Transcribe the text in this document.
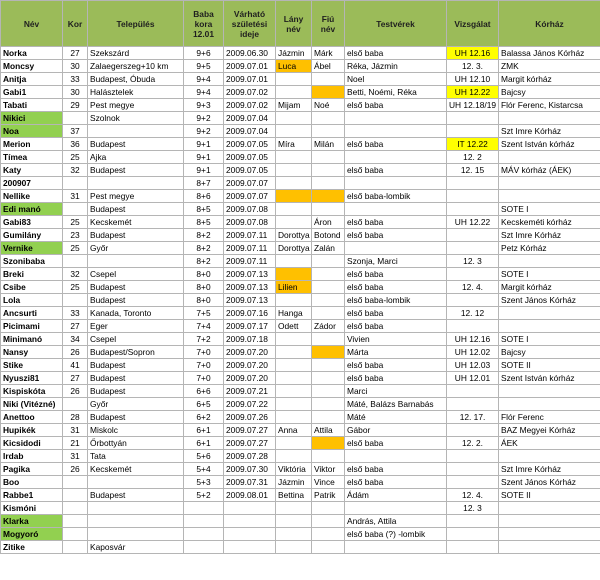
Név	Kor	Település	Baba kora 12.01	Várható születési ideje	Lány név	Fiú név	Testvérek	Vizsgálat	Kórház
Norka	27	Szekszárd	9+6	2009.06.30	Jázmin	Márk	első baba	UH 12.16	Balassa János Kórház
Moncsy	30	Zalaegerszeg+10 km	9+5	2009.07.01	Luca	Ábel	Réka, Jázmin	12. 3.	ZMK
Anitja	33	Budapest, Óbuda	9+4	2009.07.01			Noel	UH 12.10	Margit kórház
Gabi1	30	Halásztelek	9+4	2009.07.02			Betti, Noémi, Réka	UH 12.22	Bajcsy
Tabati	29	Pest megye	9+3	2009.07.02	Mijam	Noé	első baba	UH 12.18/19	Flór Ferenc, Kistarcsa
Nikici		Szolnok	9+2	2009.07.04					
Noa	37		9+2	2009.07.04					Szt Imre Kórház
Merion	36	Budapest	9+1	2009.07.05	Míra	Milán	első baba	IT 12.22	Szent István kórház
Tímea	25	Ajka	9+1	2009.07.05				12. 2	
Katy	32	Budapest	9+1	2009.07.05			első baba	12. 15	MÁV kórház (ÁEK)
200907			8+7	2009.07.07					
Nellike	31	Pest megye	8+6	2009.07.07			első baba-lombik		
Edi manó		Budapest	8+5	2009.07.08					SOTE I
Gabi83	25	Kecskemét	8+5	2009.07.08		Áron	első baba	UH 12.22	Kecskeméti kórház
Gumilány	23	Budapest	8+2	2009.07.11	Dorottya	Botond	első baba		Szt Imre Kórház
Vernike	25	Győr	8+2	2009.07.11	Dorottya	Zalán			Petz Kórház
Szonibaba			8+2	2009.07.11			Szonja, Marci	12. 3	
Breki	32	Csepel	8+0	2009.07.13			első baba		SOTE I
Csibe	25	Budapest	8+0	2009.07.13	Lilien		első baba	12. 4.	Margit kórház
Lola		Budapest	8+0	2009.07.13			első baba-lombik		Szent János Kórház
Ancsurti	33	Kanada, Toronto	7+5	2009.07.16	Hanga		első baba	12. 12	
Picimami	27	Eger	7+4	2009.07.17	Odett	Zádor	első baba		
Minimanó	34	Csepel	7+2	2009.07.18			Vivien	UH 12.16	SOTE I
Nansy	26	Budapest/Sopron	7+0	2009.07.20			Márta	UH 12.02	Bajcsy
Stike	41	Budapest	7+0	2009.07.20			első baba	UH 12.03	SOTE II
Nyuszi81	27	Budapest	7+0	2009.07.20			első baba	UH 12.01	Szent István kórház
Kispiskóta	26	Budapest	6+6	2009.07.21			Marci		
Niki (Vitézné)		Győr	6+5	2009.07.22			Máté, Balázs Barnabás		
Anettoo	28	Budapest	6+2	2009.07.26			Máté	12. 17.	Flór Ferenc
Hupikék	31	Miskolc	6+1	2009.07.27	Anna	Attila	Gábor		BAZ Megyei Kórház
Kicsidodi	21	Őrbottyán	6+1	2009.07.27			első baba	12. 2.	ÁEK
Irdab	31	Tata	5+6	2009.07.28					
Pagika	26	Kecskemét	5+4	2009.07.30	Viktória	Viktor	első baba		Szt Imre Kórház
Boo			5+3	2009.07.31	Jázmin	Vince	első baba		Szent János Kórház
Rabbe1		Budapest	5+2	2009.08.01	Bettina	Patrik	Ádám	12. 4.	SOTE II
Kismóni								12. 3	
Klarka							András, Attila		
Mogyoró							első baba (?) -lombik		
Zitike		Kaposvár							
